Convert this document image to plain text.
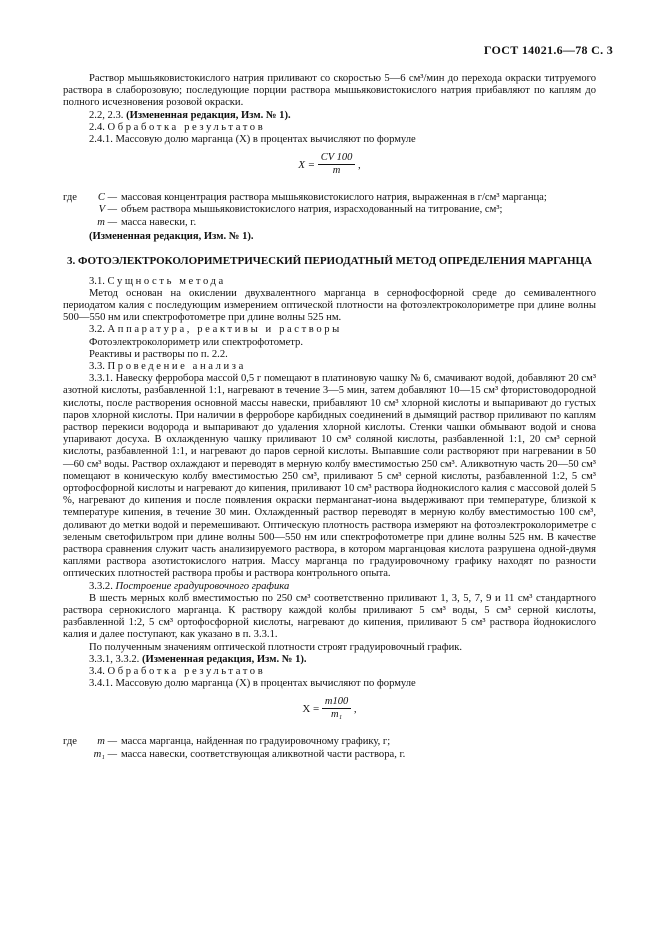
ГОСТ 14021.6—78 С. 3

Раствор мышьяковистокислого натрия приливают со скоростью 5—6 см³/мин до перехода окраски титруемого раствора в слаборозовую; последующие порции раствора мышьяковистокислого натрия прибавляют по каплям до полного исчезновения розовой окраски.

2.2, 2.3. (Измененная редакция, Изм. № 1).

2.4. Обработка результатов

2.4.1. Массовую долю марганца (X) в процентах вычисляют по формуле

$X = \frac{CV 100}{m}$ ,
где	C — массовая концентрация раствора мышьяковистокислого натрия, выраженная в г/см³ марганца;
V — объем раствора мышьяковистокислого натрия, израсходованный на титрование, см³;
m — масса навески, г.

(Измененная редакция, Изм. № 1).

3. ФОТОЭЛЕКТРОКОЛОРИМЕТРИЧЕСКИЙ ПЕРИОДАТНЫЙ МЕТОД ОПРЕДЕЛЕНИЯ МАРГАНЦА

3.1. Сущность метода

Метод основан на окислении двухвалентного марганца в сернофосфорной среде до семивалентного периодатом калия с последующим измерением оптической плотности на фотоэлектроколориметре при длине волны 500—550 нм или спектрофотометре при длине волны 525 нм.

3.2. Аппаратура, реактивы и растворы

Фотоэлектроколориметр или спектрофотометр.

Реактивы и растворы по п. 2.2.

3.3. Проведение анализа

3.3.1. Навеску ферробора массой 0,5 г помещают в платиновую чашку № 6, смачивают водой, добавляют 20 см³ азотной кислоты, разбавленной 1:1, нагревают в течение 3—5 мин, затем добавляют 10—15 см³ фтористоводородной кислоты, после растворения основной массы навески, прибавляют 10 см³ хлорной кислоты и выпаривают до густых паров хлорной кислоты. При наличии в ферроборе карбидных соединений в дымящий раствор приливают по каплям раствор перекиси водорода и выпаривают до удаления хлорной кислоты. Стенки чашки обмывают водой и снова упаривают досуха. В охлажденную чашку приливают 10 см³ соляной кислоты, разбавленной 1:1, 20 см³ серной кислоты, разбавленной 1:1, и нагревают до паров серной кислоты. Выпавшие соли растворяют при нагревании в 50—60 см³ воды. Раствор охлаждают и переводят в мерную колбу вместимостью 250 см³. Аликвотную часть 20—50 см³ помещают в коническую колбу вместимостью 250 см³, приливают 5 см³ серной кислоты, разбавленной 1:2, 5 см³ ортофосфорной кислоты и нагревают до кипения, приливают 10 см³ раствора йоднокислого калия с массовой долей 5 %, нагревают до кипения и после появления окраски перманганат-иона выдерживают при температуре, близкой к температуре кипения, в течение 30 мин. Охлажденный раствор переводят в мерную колбу вместимостью 100 см³, доливают до метки водой и перемешивают. Оптическую плотность раствора измеряют на фотоэлектроколориметре с зеленым светофильтром при длине волны 500—550 нм или спектрофотометре при длине волны 525 нм. В качестве раствора сравнения служит часть анализируемого раствора, в котором марганцовая кислота разрушена одной-двумя каплями раствора азотистокислого натрия. Массу марганца по градуировочному графику находят по разности оптических плотностей раствора пробы и раствора контрольного опыта.

3.3.2. Построение градуировочного графика

В шесть мерных колб вместимостью по 250 см³ соответственно приливают 1, 3, 5, 7, 9 и 11 см³ стандартного раствора сернокислого марганца. К раствору каждой колбы приливают 5 см³ воды, 5 см³ серной кислоты, разбавленной 1:2, 5 см³ ортофосфорной кислоты, нагревают до кипения, приливают 5 см³ раствора йоднокислого калия и далее поступают, как указано в п. 3.3.1.

По полученным значениям оптической плотности строят градуировочный график.

3.3.1, 3.3.2. (Измененная редакция, Изм. № 1).

3.4. Обработка результатов

3.4.1. Массовую долю марганца (X) в процентах вычисляют по формуле

$X = \frac{m100}{\text{m₁}}$ ,
где	m — масса марганца, найденная по градуировочному графику, г;
m₁ — масса навески, соответствующая аликвотной части раствора, г.
